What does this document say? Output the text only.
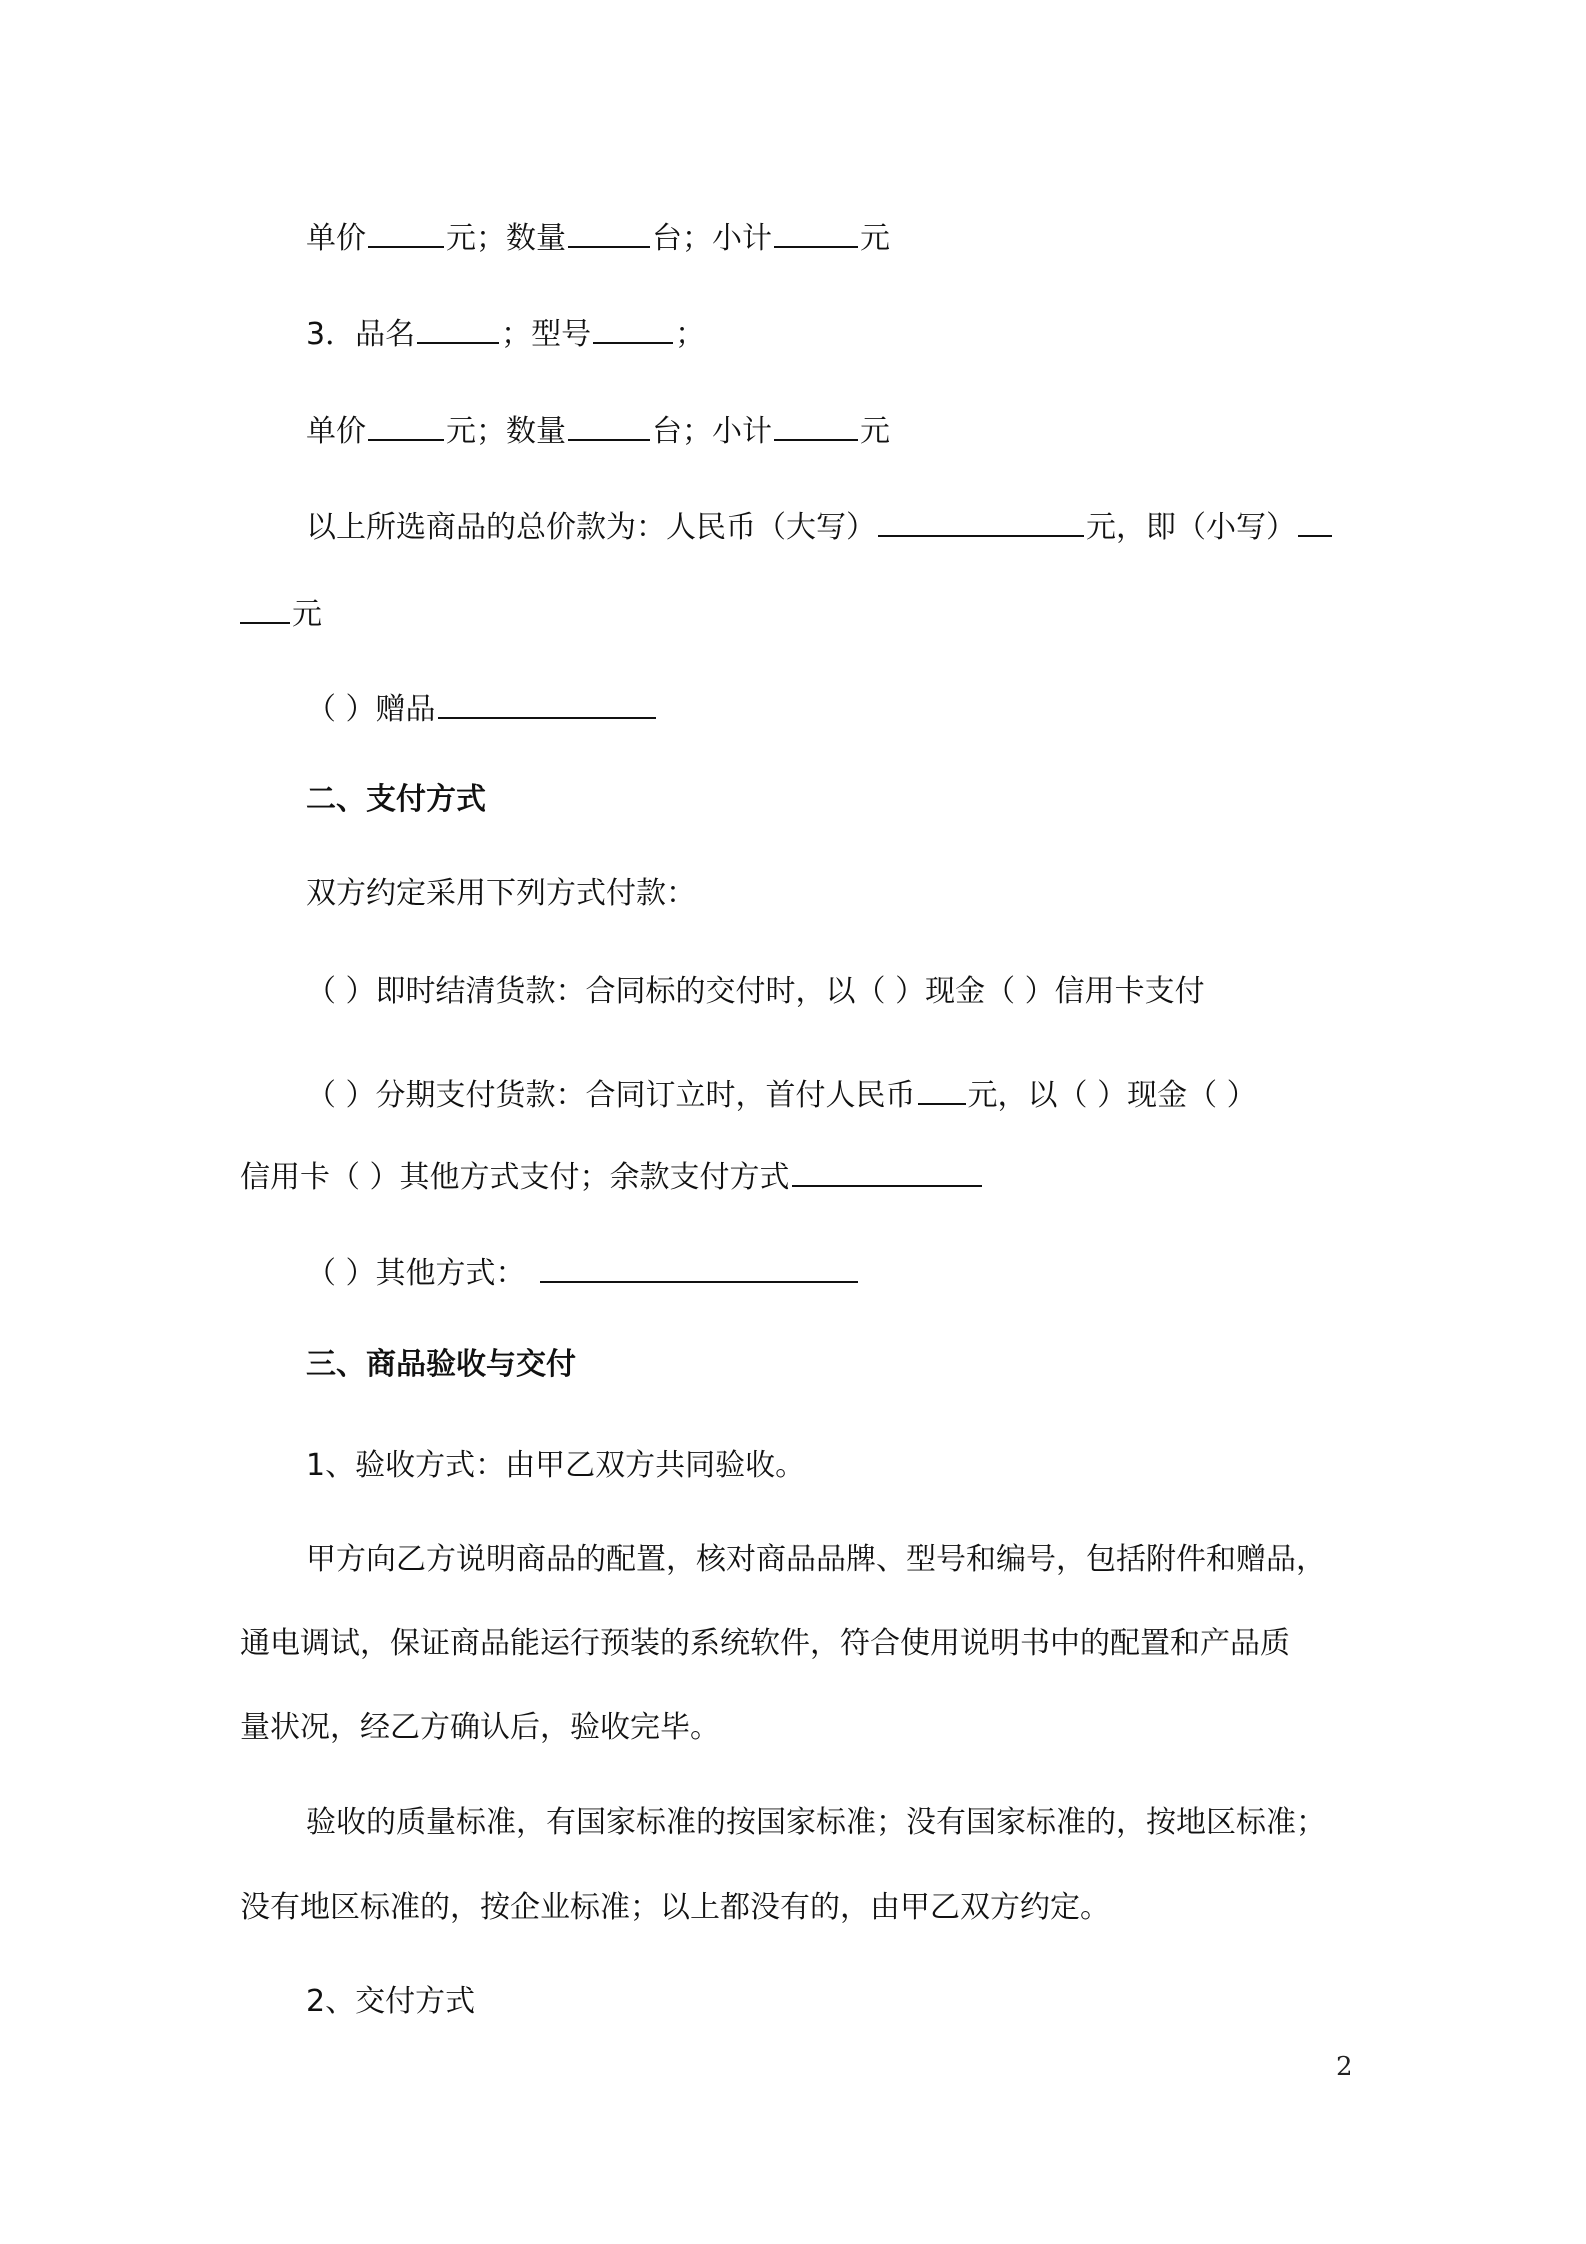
单价	元；数量	台；小计	元
3．品名	；型号	；
单价	元；数量	台；小计	元
以上所选商品的总价款为：人民币（大写）	元，即（小写）
元
（ ）赠品
二、支付方式
双方约定采用下列方式付款：
（ ）即时结清货款：合同标的交付时，以（ ）现金（ ）信用卡支付
（ ）分期支付货款：合同订立时，首付人民币 元，以（ ）现金（ ）
信用卡（ ）其他方式支付；余款支付方式
（ ）其他方式：
三、商品验收与交付
1、验收方式：由甲乙双方共同验收。
甲方向乙方说明商品的配置，核对商品品牌、型号和编号，包括附件和赠品，
通电调试，保证商品能运行预装的系统软件，符合使用说明书中的配置和产品质
量状况，经乙方确认后，验收完毕。
验收的质量标准，有国家标准的按国家标准；没有国家标准的，按地区标准；
没有地区标准的，按企业标准；以上都没有的，由甲乙双方约定。
2、交付方式
2
